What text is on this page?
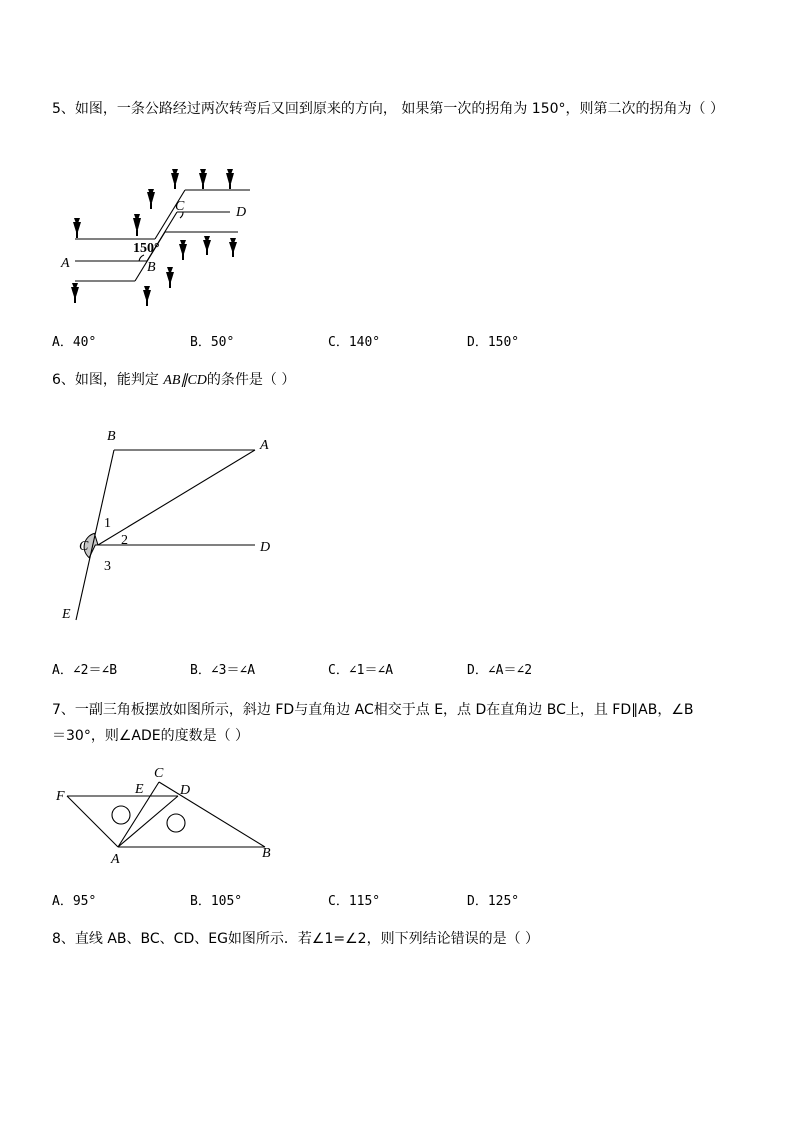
5、如图，一条公路经过两次转弯后又回到原来的方向， 如果第一次的拐角为 150°，则第二次的拐角为（ ）
A	B
C	D
150°
A．40°	B．50°	C．140°	D．150°
6、如图，能判定 AB∥CD的条件是（ ）
B
A
C	D
E
1
2
3
A．∠2＝∠B	B．∠3＝∠A	C．∠1＝∠A	D．∠A＝∠2
7、一副三角板摆放如图所示，斜边 FD与直角边 AC相交于点 E，点 D在直角边 BC上，且 FD∥AB，∠B
＝30°，则∠ADE的度数是（ ）
F	E
C
D
A	B
A．95°	B．105°	C．115°	D．125°
8、直线 AB、BC、CD、EG如图所示．若∠1=∠2，则下列结论错误的是（ ）
